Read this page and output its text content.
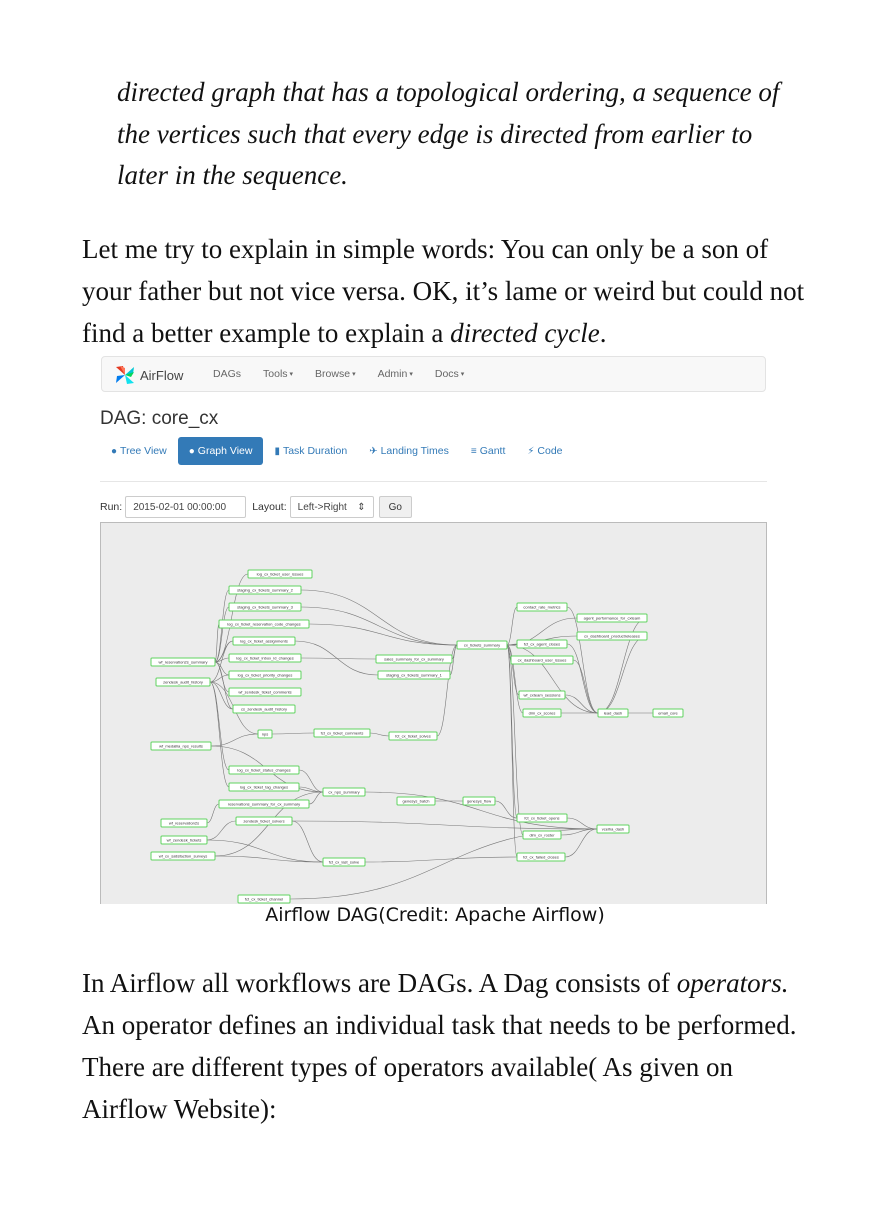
directed graph that has a topological ordering, a sequence of
the vertices such that every edge is directed from earlier to
later in the sequence.

Let me try to explain in simple words: You can only be a son of your father but not vice versa. OK, it’s lame or weird but could not find a better example to explain a directed cycle.

AirFlow	DAGs Tools ▾ Browse ▾ Admin ▾ Docs ▾
DAG: core_cx
● Tree View ● Graph View ▮ Task Duration ✈ Landing Times ≡ Gantt ⚡ Code
Run:	2015-02-01 00:00:00	Layout: Left->Right ⇕	Go
log_cx_ticket_user_issues
staging_cx_tickets_summary_2
staging_cx_tickets_summary_3
log_cx_ticket_reservation_code_changes
log_cx_ticket_assignments
log_cx_ticket_inbox_id_changes
log_cx_ticket_priority_changes
wf_zendesk_ticket_comments
cs_zendesk_audit_history
wf_reservation2s_summary
zendesk_audit_history
wf_medallia_nps_results
nps	fct_cx_ticket_comments
fct_cx_ticket_solves
log_cx_ticket_status_changes
log_cx_ticket_tag_changes
reservations_summary_for_cx_summary
cx_nps_summary
wf_reservation2s	zendesk_ticket_solvers
wf_zendesk_tickets
wf_cx_satisfaction_surveys
fct_cx_last_solve
fct_cx_ticket_channel
sales_summary_for_cx_summary
staging_cx_tickets_summary_1
cx_tickets_summary
genesys_batch	genesys_flow
contact_rate_metrics
agent_performance_for_cxteam
fct_cx_agent_closes
cx_dashboard_productreleases
cx_dashboard_user_issues
wf_cxteam_sessions
dim_cx_scores	lead_dash	email_core
fct_cx_ticket_opens
dim_cx_roster
fct_cx_failed_closes
vcelha_dash

Airflow DAG(Credit: Apache Airflow)

In Airflow all workflows are DAGs. A Dag consists of operators. An operator defines an individual task that needs to be performed. There are different types of operators available( As given on Airflow Website):
